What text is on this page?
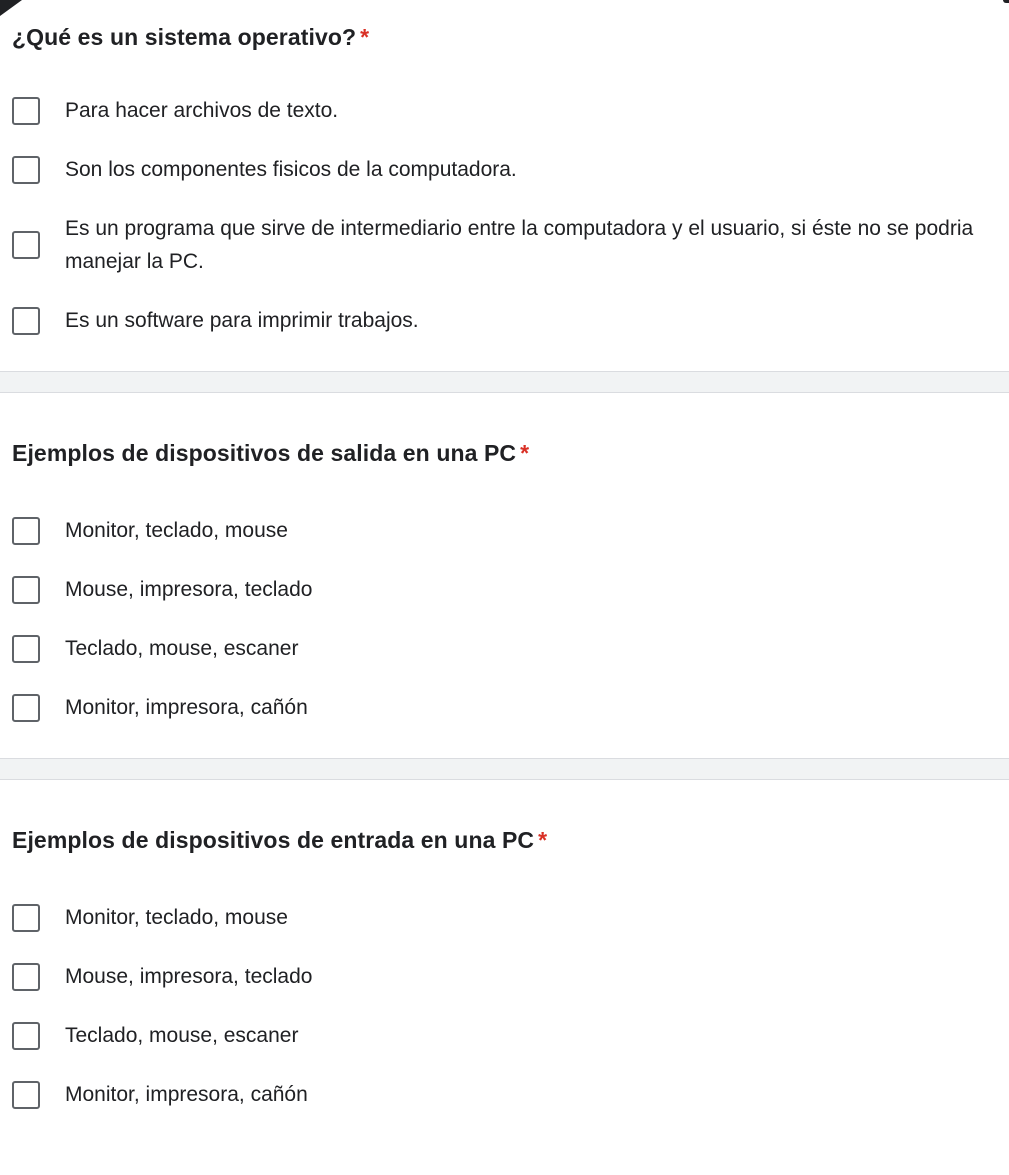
¿Qué es un sistema operativo? *
Para hacer archivos de texto.
Son los componentes fisicos de la computadora.
Es un programa que sirve de intermediario entre la computadora y el usuario, si éste no se podria manejar la PC.
Es un software para imprimir trabajos.
Ejemplos de dispositivos de salida en una PC *
Monitor, teclado, mouse
Mouse, impresora, teclado
Teclado, mouse, escaner
Monitor, impresora, cañón
Ejemplos de dispositivos de entrada en una PC *
Monitor, teclado, mouse
Mouse, impresora, teclado
Teclado, mouse, escaner
Monitor, impresora, cañón
